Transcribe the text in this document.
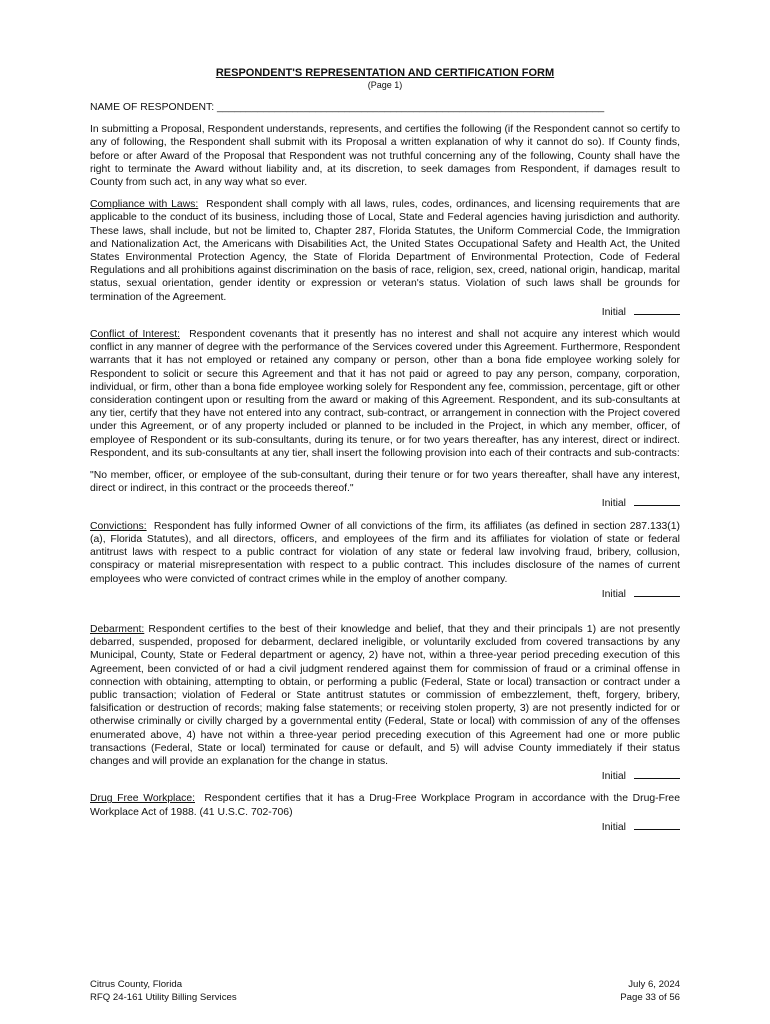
RESPONDENT'S REPRESENTATION AND CERTIFICATION FORM
(Page 1)
NAME OF RESPONDENT: ___________________________________________________________________

In submitting a Proposal, Respondent understands, represents, and certifies the following (if the Respondent cannot so certify to any of following, the Respondent shall submit with its Proposal a written explanation of why it cannot do so). If County finds, before or after Award of the Proposal that Respondent was not truthful concerning any of the following, County shall have the right to terminate the Award without liability and, at its discretion, to seek damages from Respondent, if damages result to County from such act, in any way what so ever.

Compliance with Laws: Respondent shall comply with all laws, rules, codes, ordinances, and licensing requirements that are applicable to the conduct of its business, including those of Local, State and Federal agencies having jurisdiction and authority. These laws, shall include, but not be limited to, Chapter 287, Florida Statutes, the Uniform Commercial Code, the Immigration and Nationalization Act, the Americans with Disabilities Act, the United States Occupational Safety and Health Act, the United States Environmental Protection Agency, the State of Florida Department of Environmental Protection, Code of Federal Regulations and all prohibitions against discrimination on the basis of race, religion, sex, creed, national origin, handicap, marital status, sexual orientation, gender identity or expression or veteran's status. Violation of such laws shall be grounds for termination of the Agreement.

Initial

Conflict of Interest: Respondent covenants that it presently has no interest and shall not acquire any interest which would conflict in any manner of degree with the performance of the Services covered under this Agreement. Furthermore, Respondent warrants that it has not employed or retained any company or person, other than a bona fide employee working solely for Respondent to solicit or secure this Agreement and that it has not paid or agreed to pay any person, company, corporation, individual, or firm, other than a bona fide employee working solely for Respondent any fee, commission, percentage, gift or other consideration contingent upon or resulting from the award or making of this Agreement. Respondent, and its sub-consultants at any tier, certify that they have not entered into any contract, sub-contract, or arrangement in connection with the Project covered under this Agreement, or of any property included or planned to be included in the Project, in which any member, officer, of employee of Respondent or its sub-consultants, during its tenure, or for two years thereafter, has any interest, direct or indirect. Respondent, and its sub-consultants at any tier, shall insert the following provision into each of their contracts and sub-contracts:

"No member, officer, or employee of the sub-consultant, during their tenure or for two years thereafter, shall have any interest, direct or indirect, in this contract or the proceeds thereof."

Initial

Convictions: Respondent has fully informed Owner of all convictions of the firm, its affiliates (as defined in section 287.133(1) (a), Florida Statutes), and all directors, officers, and employees of the firm and its affiliates for violation of state or federal antitrust laws with respect to a public contract for violation of any state or federal law involving fraud, bribery, collusion, conspiracy or material misrepresentation with respect to a public contract. This includes disclosure of the names of current employees who were convicted of contract crimes while in the employ of another company.

Initial

Debarment: Respondent certifies to the best of their knowledge and belief, that they and their principals 1) are not presently debarred, suspended, proposed for debarment, declared ineligible, or voluntarily excluded from covered transactions by any Municipal, County, State or Federal department or agency, 2) have not, within a three-year period preceding execution of this Agreement, been convicted of or had a civil judgment rendered against them for commission of fraud or a criminal offense in connection with obtaining, attempting to obtain, or performing a public (Federal, State or local) transaction or contract under a public transaction; violation of Federal or State antitrust statutes or commission of embezzlement, theft, forgery, bribery, falsification or destruction of records; making false statements; or receiving stolen property, 3) are not presently indicted for or otherwise criminally or civilly charged by a governmental entity (Federal, State or local) with commission of any of the offenses enumerated above, 4) have not within a three-year period preceding execution of this Agreement had one or more public transactions (Federal, State or local) terminated for cause or default, and 5) will advise County immediately if their status changes and will provide an explanation for the change in status.

Initial

Drug Free Workplace: Respondent certifies that it has a Drug-Free Workplace Program in accordance with the Drug-Free Workplace Act of 1988. (41 U.S.C. 702-706)

Initial
Citrus County, Florida
RFQ 24-161 Utility Billing Services
July 6, 2024
Page 33 of 56
